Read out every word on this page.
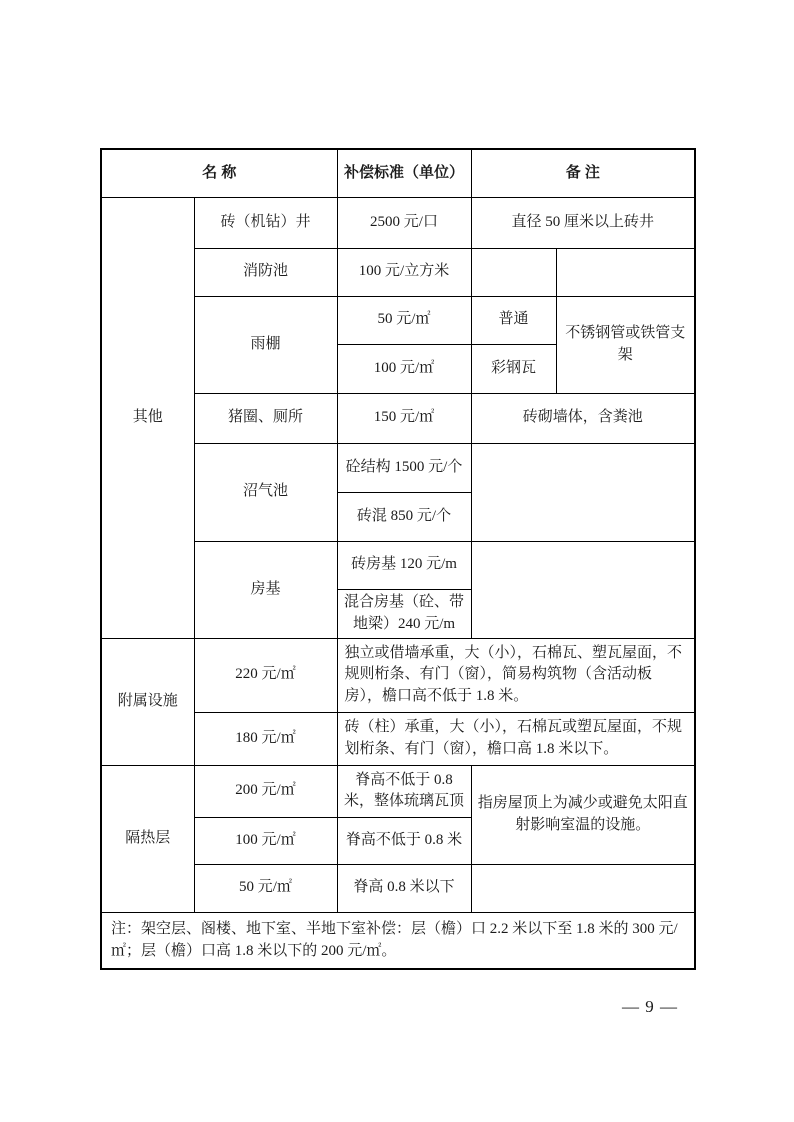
名 称		补偿标准（单位）	备 注	
其他	砖（机钻）井	2500 元/口	直径 50 厘米以上砖井	
	消防池	100 元/立方米		
	雨棚	50 元/㎡	普通	不锈钢管或铁管支架
		100 元/㎡	彩钢瓦	
	猪圈、厕所	150 元/㎡	砖砌墙体，含粪池	
	沼气池	砼结构 1500 元/个		
		砖混 850 元/个		
	房基	砖房基 120 元/m		
		混合房基（砼、带地梁）240 元/m		
附属设施	220 元/㎡	独立或借墙承重，大（小），石棉瓦、塑瓦屋面，不规则桁条、有门（窗），简易构筑物（含活动板房），檐口高不低于 1.8 米。		
	180 元/㎡	砖（柱）承重，大（小），石棉瓦或塑瓦屋面，不规划桁条、有门（窗），檐口高 1.8 米以下。		
隔热层	200 元/㎡	脊高不低于 0.8 米，整体琉璃瓦顶	指房屋顶上为减少或避免太阳直射影响室温的设施。	
	100 元/㎡	脊高不低于 0.8 米		
	50 元/㎡	脊高 0.8 米以下		
注：架空层、阁楼、地下室、半地下室补偿：层（檐）口 2.2 米以下至 1.8 米的 300 元/㎡；层（檐）口高 1.8 米以下的 200 元/㎡。				
— 9 —
